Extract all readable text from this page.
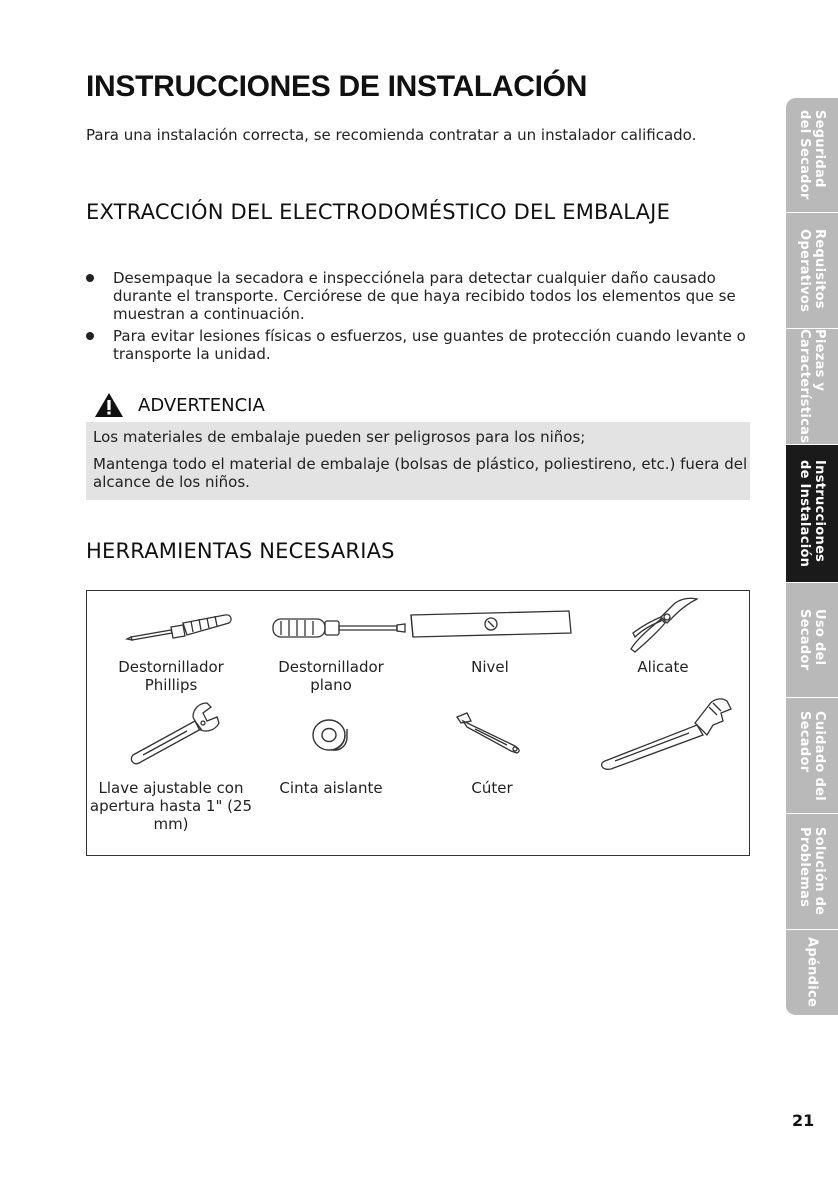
INSTRUCCIONES DE INSTALACIÓN

Para una instalación correcta, se recomienda contratar a un instalador calificado.

EXTRACCIÓN DEL ELECTRODOMÉSTICO DEL EMBALAJE
Desempaque la secadora e inspecciónela para detectar cualquier daño causado durante el transporte. Cerciórese de que haya recibido todos los elementos que se muestran a continuación.
Para evitar lesiones físicas o esfuerzos, use guantes de protección cuando levante o transporte la unidad.
ADVERTENCIA

Los materiales de embalaje pueden ser peligrosos para los niños;

Mantenga todo el material de embalaje (bolsas de plástico, poliestireno, etc.) fuera del alcance de los niños.

HERRAMIENTAS NECESARIAS
Destornillador Phillips
Destornillador plano
Nivel	Alicate
Llave ajustable con apertura hasta 1" (25 mm)
Cinta aislante	Cúter
Seguridad
del Secador
Requisitos
Operativos
Piezas y
Características
Instrucciones
de Instalación
Uso del
Secador
Cuidado del
Secador
Solución de
Problemas
Apéndice
21
